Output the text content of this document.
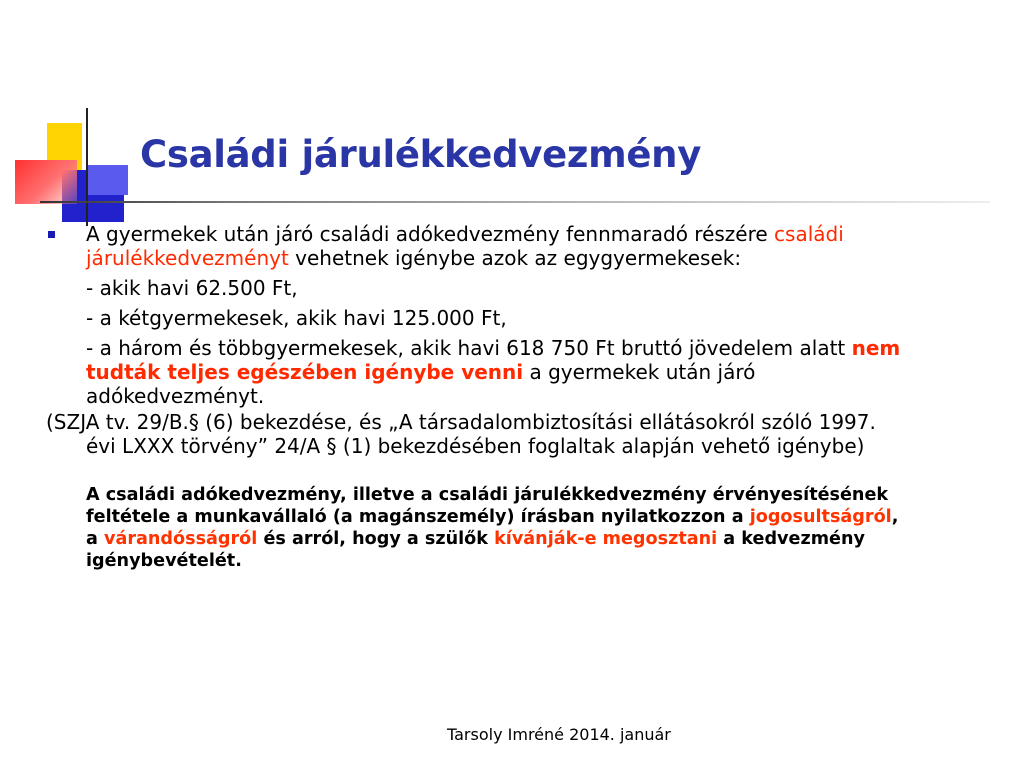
Családi járulékkedvezmény
A gyermekek után járó családi adókedvezmény fennmaradó részére családi járulékkedvezményt vehetnek igénybe azok az egygyermekesek:
- akik havi 62.500 Ft,
- a kétgyermekesek, akik havi 125.000 Ft,
- a három és többgyermekesek, akik havi 618 750 Ft bruttó jövedelem alatt nem tudták teljes egészében igénybe venni a gyermekek után járó adókedvezményt.
(SZJA tv. 29/B.§ (6) bekezdése, és „A társadalombiztosítási ellátásokról szóló 1997. évi LXXX törvény” 24/A § (1) bekezdésében foglaltak alapján vehető igénybe)
A családi adókedvezmény, illetve a családi járulékkedvezmény érvényesítésének feltétele a munkavállaló (a magánszemély) írásban nyilatkozzon a jogosultságról, a várandósságról és arról, hogy a szülők kívánják-e megosztani a kedvezmény igénybevételét.
Tarsoly Imréné 2014. január
